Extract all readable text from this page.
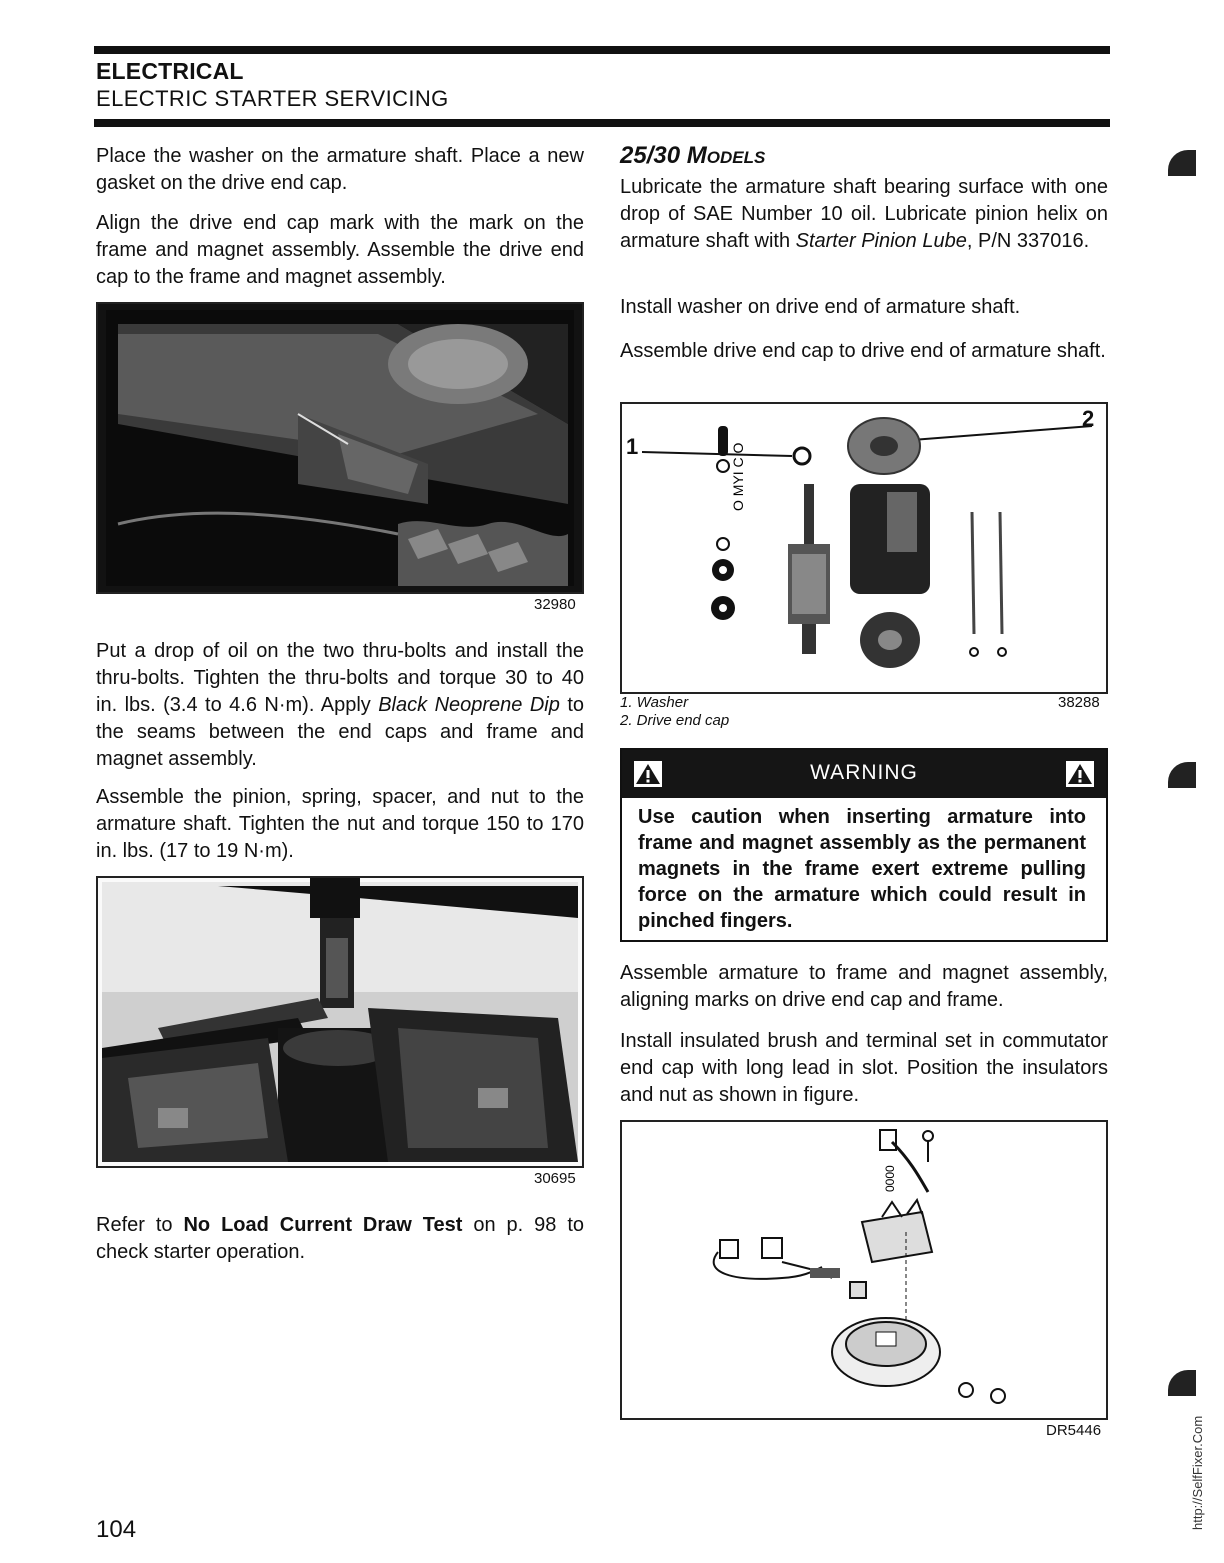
ELECTRICAL
ELECTRIC STARTER SERVICING

Place the washer on the armature shaft. Place a new gasket on the drive end cap.

Align the drive end cap mark with the mark on the frame and magnet assembly. Assemble the drive end cap to the frame and magnet assembly.

32980

Put a drop of oil on the two thru-bolts and install the thru-bolts. Tighten the thru-bolts and torque 30 to 40 in. lbs. (3.4 to 4.6 N·m). Apply Black Neoprene Dip to the seams between the end caps and frame and magnet assembly.

Assemble the pinion, spring, spacer, and nut to the armature shaft. Tighten the nut and torque 150 to 170 in. lbs. (17 to 19 N·m).

30695

Refer to No Load Current Draw Test on p. 98 to check starter operation.

25/30 Models

Lubricate the armature shaft bearing surface with one drop of SAE Number 10 oil. Lubricate pinion helix on armature shaft with Starter Pinion Lube, P/N 337016.

Install washer on drive end of armature shaft.

Assemble drive end cap to drive end of armature shaft.

O MYI C O
1
2
1. Washer
2. Drive end cap
38288
WARNING

Use caution when inserting armature into frame and magnet assembly as the permanent magnets in the frame exert extreme pulling force on the armature which could result in pinched fingers.

Assemble armature to frame and magnet assembly, aligning marks on drive end cap and frame.

Install insulated brush and terminal set in commutator end cap with long lead in slot. Position the insulators and nut as shown in figure.

0000
DR5446
104	http://SelfFixer.Com
